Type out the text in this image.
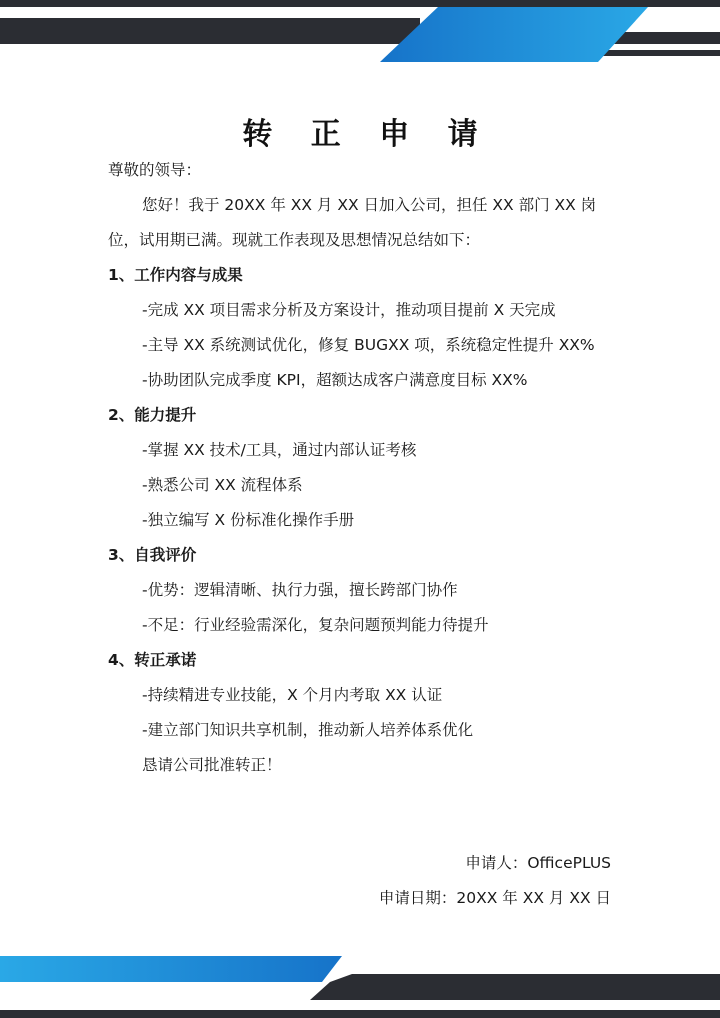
转 正 申 请

尊敬的领导：

您好！我于 20XX 年 XX 月 XX 日加入公司，担任 XX 部门 XX 岗位，试用期已满。现就工作表现及思想情况总结如下：

1、工作内容与成果

-完成 XX 项目需求分析及方案设计，推动项目提前 X 天完成

-主导 XX 系统测试优化，修复 BUGXX 项，系统稳定性提升 XX%

-协助团队完成季度 KPI，超额达成客户满意度目标 XX%

2、能力提升

-掌握 XX 技术/工具，通过内部认证考核

-熟悉公司 XX 流程体系

-独立编写 X 份标准化操作手册

3、自我评价

-优势：逻辑清晰、执行力强，擅长跨部门协作

-不足：行业经验需深化，复杂问题预判能力待提升

4、转正承诺

-持续精进专业技能，X 个月内考取 XX 认证

-建立部门知识共享机制，推动新人培养体系优化

恳请公司批准转正！

申请人：OfficePLUS

申请日期：20XX 年 XX 月 XX 日
